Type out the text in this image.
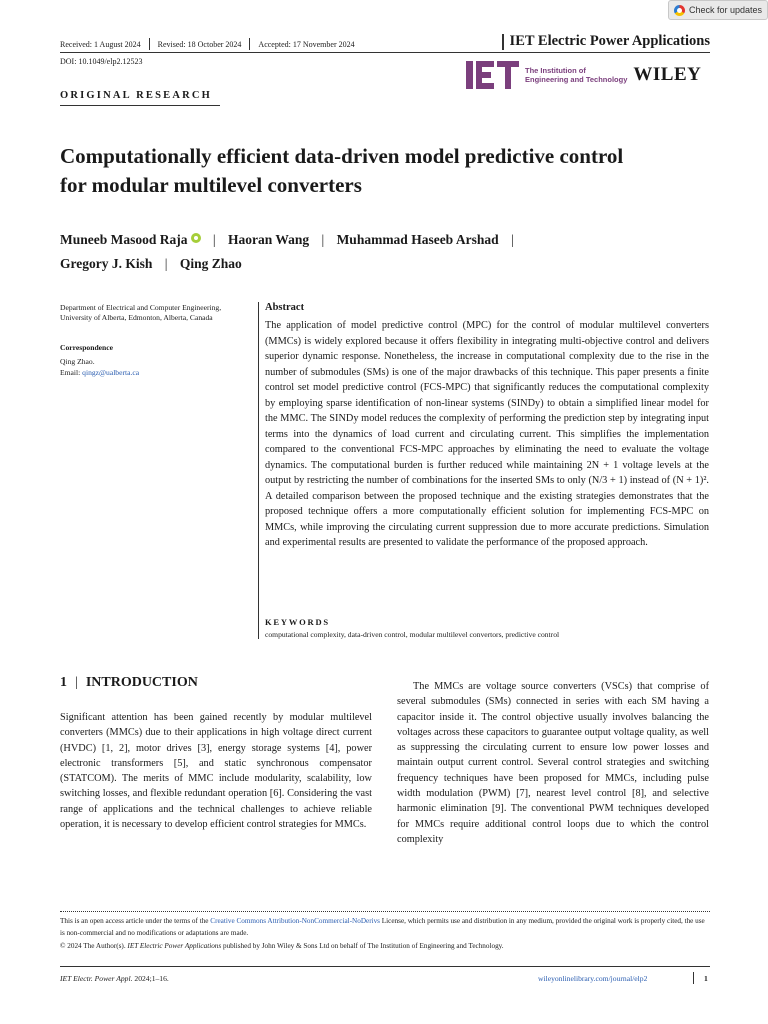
Check for updates
Received: 1 August 2024 Revised: 18 October 2024 Accepted: 17 November 2024	IET Electric Power Applications
DOI: 10.1049/elp2.12523
The Institution of
Engineering and Technology WILEY
ORIGINAL RESEARCH
Computationally efficient data-driven model predictive control
for modular multilevel converters
Muneeb Masood Raja | Haoran Wang | Muhammad Haseeb Arshad |
Gregory J. Kish | Qing Zhao
Department of Electrical and Computer Engineering,
University of Alberta, Edmonton, Alberta, Canada
Correspondence
Qing Zhao.
Email: qingz@ualberta.ca
Abstract
The application of model predictive control (MPC) for the control of modular multilevel converters (MMCs) is widely explored because it offers flexibility in integrating multi-objective control and delivers superior dynamic response. Nonetheless, the increase in computational complexity due to the rise in the number of submodules (SMs) is one of the major drawbacks of this technique. This paper presents a finite control set model predictive control (FCS-MPC) that significantly reduces the computational complexity by employing sparse identification of non-linear systems (SINDy) to obtain a simplified linear model for the MMC. The SINDy model reduces the complexity of performing the prediction step by integrating input terms into the dynamics of load current and circulating current. This simplifies the implementation compared to the conventional FCS-MPC approaches by eliminating the need to evaluate the voltage dynamics. The computational burden is further reduced while maintaining 2N + 1 voltage levels at the output by restricting the number of combinations for the inserted SMs to only (N/3 + 1) instead of (N + 1)². A detailed comparison between the proposed technique and the existing strategies demonstrates that the proposed technique offers a more computationally efficient solution for implementing FCS-MPC on MMCs, while improving the circulating current suppression due to more accurate predictions. Simulation and experimental results are presented to validate the performance of the proposed approach.
KEYWORDS
computational complexity, data-driven control, modular multilevel convertors, predictive control
1 | INTRODUCTION
Significant attention has been gained recently by modular multilevel converters (MMCs) due to their applications in high voltage direct current (HVDC) [1, 2], motor drives [3], energy storage systems [4], power electronic transformers [5], and static synchronous compensator (STATCOM). The merits of MMC include modularity, scalability, low switching losses, and flexible redundant operation [6]. Considering the vast range of applications and the technical challenges to achieve reliable operation, it is necessary to develop efficient control strategies for MMCs.
The MMCs are voltage source converters (VSCs) that comprise of several submodules (SMs) connected in series with each SM having a capacitor inside it. The control objective usually involves balancing the voltages across these capacitors to guarantee output voltage quality, as well as suppressing the circulating current to ensure low power losses and maintain output current control. Several control strategies and switching frequency techniques have been proposed for MMCs, including pulse width modulation (PWM) [7], nearest level control [8], and selective harmonic elimination [9]. The conventional PWM techniques developed for MMCs require additional control loops due to which the control complexity
This is an open access article under the terms of the Creative Commons Attribution-NonCommercial-NoDerivs License, which permits use and distribution in any medium, provided the original work is properly cited, the use is non-commercial and no modifications or adaptations are made.
© 2024 The Author(s). IET Electric Power Applications published by John Wiley & Sons Ltd on behalf of The Institution of Engineering and Technology.
IET Electr. Power Appl. 2024;1–16.	wileyonlinelibrary.com/journal/elp2	1
